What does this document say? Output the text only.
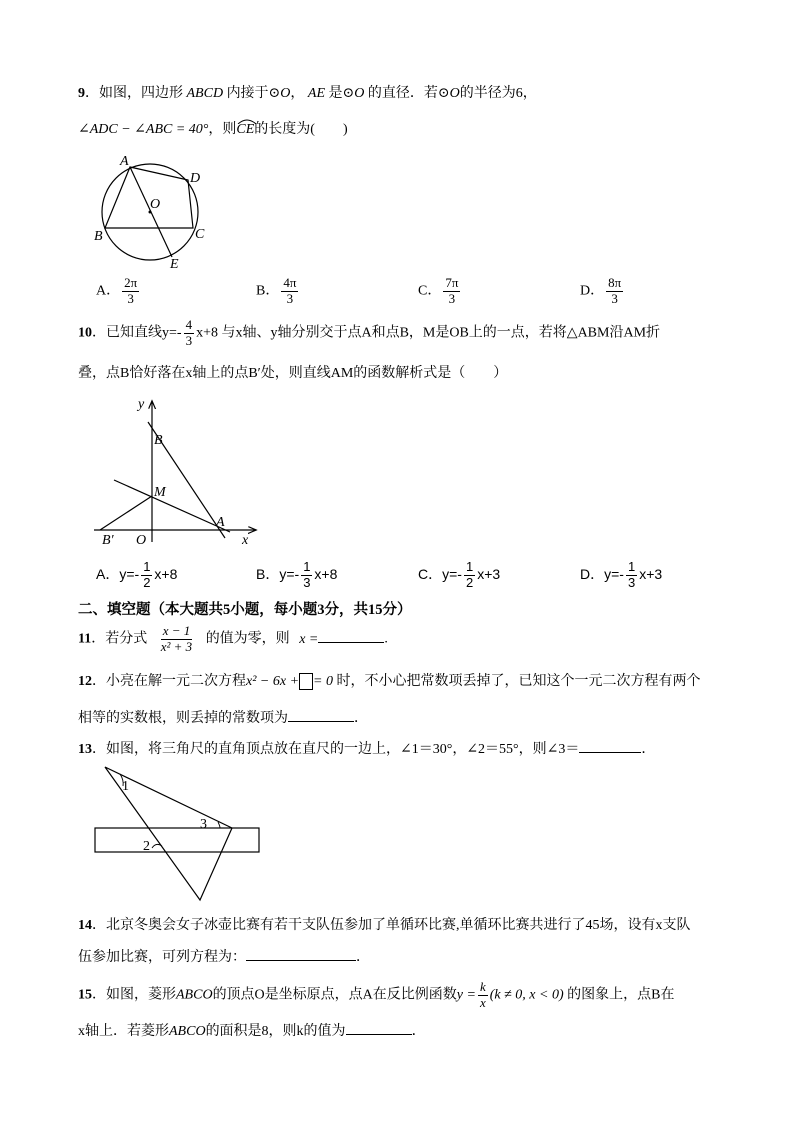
9．如图，四边形 ABCD 内接于⊙O， AE 是⊙O 的直径．若⊙O的半径为6，
∠ADC − ∠ABC = 40°，则
CE的长度为(　　)
A
D
O
B	C
E
A． $\frac{2\pi}{3}$	B． $\frac{4\pi}{3}$	C． $\frac{7\pi}{3}$	D． $\frac{8\pi}{3}$
10．已知直线$y=- \frac{4}{3} x+8$ 与x轴、y轴分别交于点A和点B，M是OB上的一点，若将△ABM沿AM折
叠，点B恰好落在x轴上的点B′处，则直线AM的函数解析式是（　　）
y
x
B
M
A
B′ O
A．$y=- \frac{1}{2} x+8$	B．$y=- \frac{1}{3} x+8$	C．$y=- \frac{1}{2} x+3$	D．$y=- \frac{1}{3} x+3$
二、填空题（本大题共5小题，每小题3分，共15分）
11．若分式 $\frac{x - 1}{\text{x² + 3}}$ 的值为零，则 x =	.
12．小亮在解一元二次方程x² − 6x + = 0 时，不小心把常数项丢掉了，已知这个一元二次方程有两个
相等的实数根，则丢掉的常数项为	．
13．如图，将三角尺的直角顶点放在直尺的一边上，∠1＝30°，∠2＝55°，则∠3＝	．
1
2
3
14．北京冬奥会女子冰壶比赛有若干支队伍参加了单循环比赛,单循环比赛共进行了45场，设有x支队
伍参加比赛，可列方程为：	．
15．如图，菱形ABCO的顶点O是坐标原点，点A在反比例函数$y = \frac{k}{x} (k \ne 0$, x < 0) 的图象上，点B在
x轴上．若菱形ABCO的面积是8，则k的值为	．
